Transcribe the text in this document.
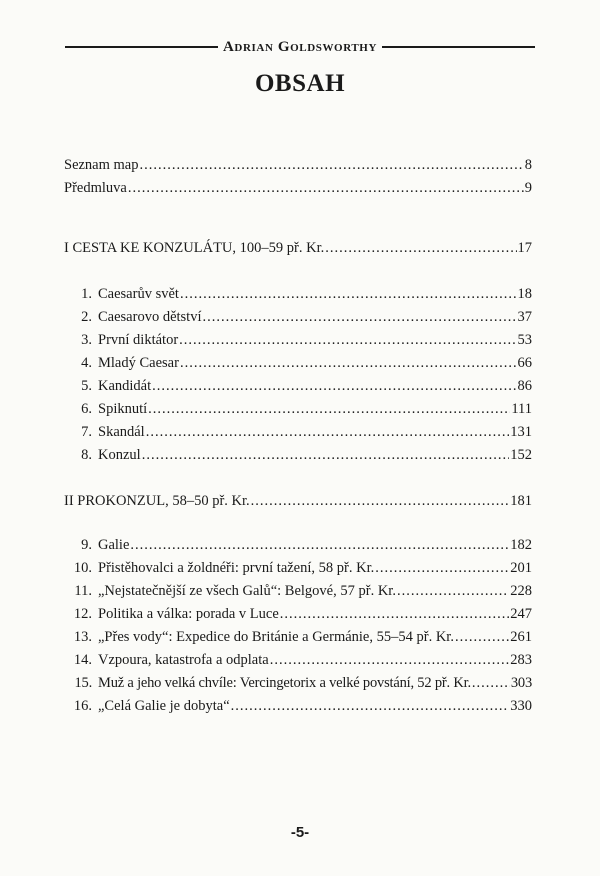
Adrian Goldsworthy
OBSAH
Seznam map .....	8
Předmluva .....	9
I CESTA KE KONZULÁTU, 100–59 př. Kr. .....	17
1. Caesarův svět .....	18
2. Caesarovo dětství .....	37
3. První diktátor .....	53
4. Mladý Caesar .....	66
5. Kandidát .....	86
6. Spiknutí .....	111
7. Skandál .....	131
8. Konzul .....	152
II PROKONZUL, 58–50 př. Kr. .....	181
9. Galie .....	182
10. Přistěhovalci a žoldnéři: první tažení, 58 př. Kr. .....	201
11. „Nejstatečnější ze všech Galů“: Belgové, 57 př. Kr. .....	228
12. Politika a válka: porada v Luce .....	247
13. „Přes vody“: Expedice do Británie a Germánie, 55–54 př. Kr. .....	261
14. Vzpoura, katastrofa a odplata .....	283
15. Muž a jeho velká chvíle: Vercingetorix a velké povstání, 52 př. Kr. .....	303
16. „Celá Galie je dobyta“ .....	330
-5-
